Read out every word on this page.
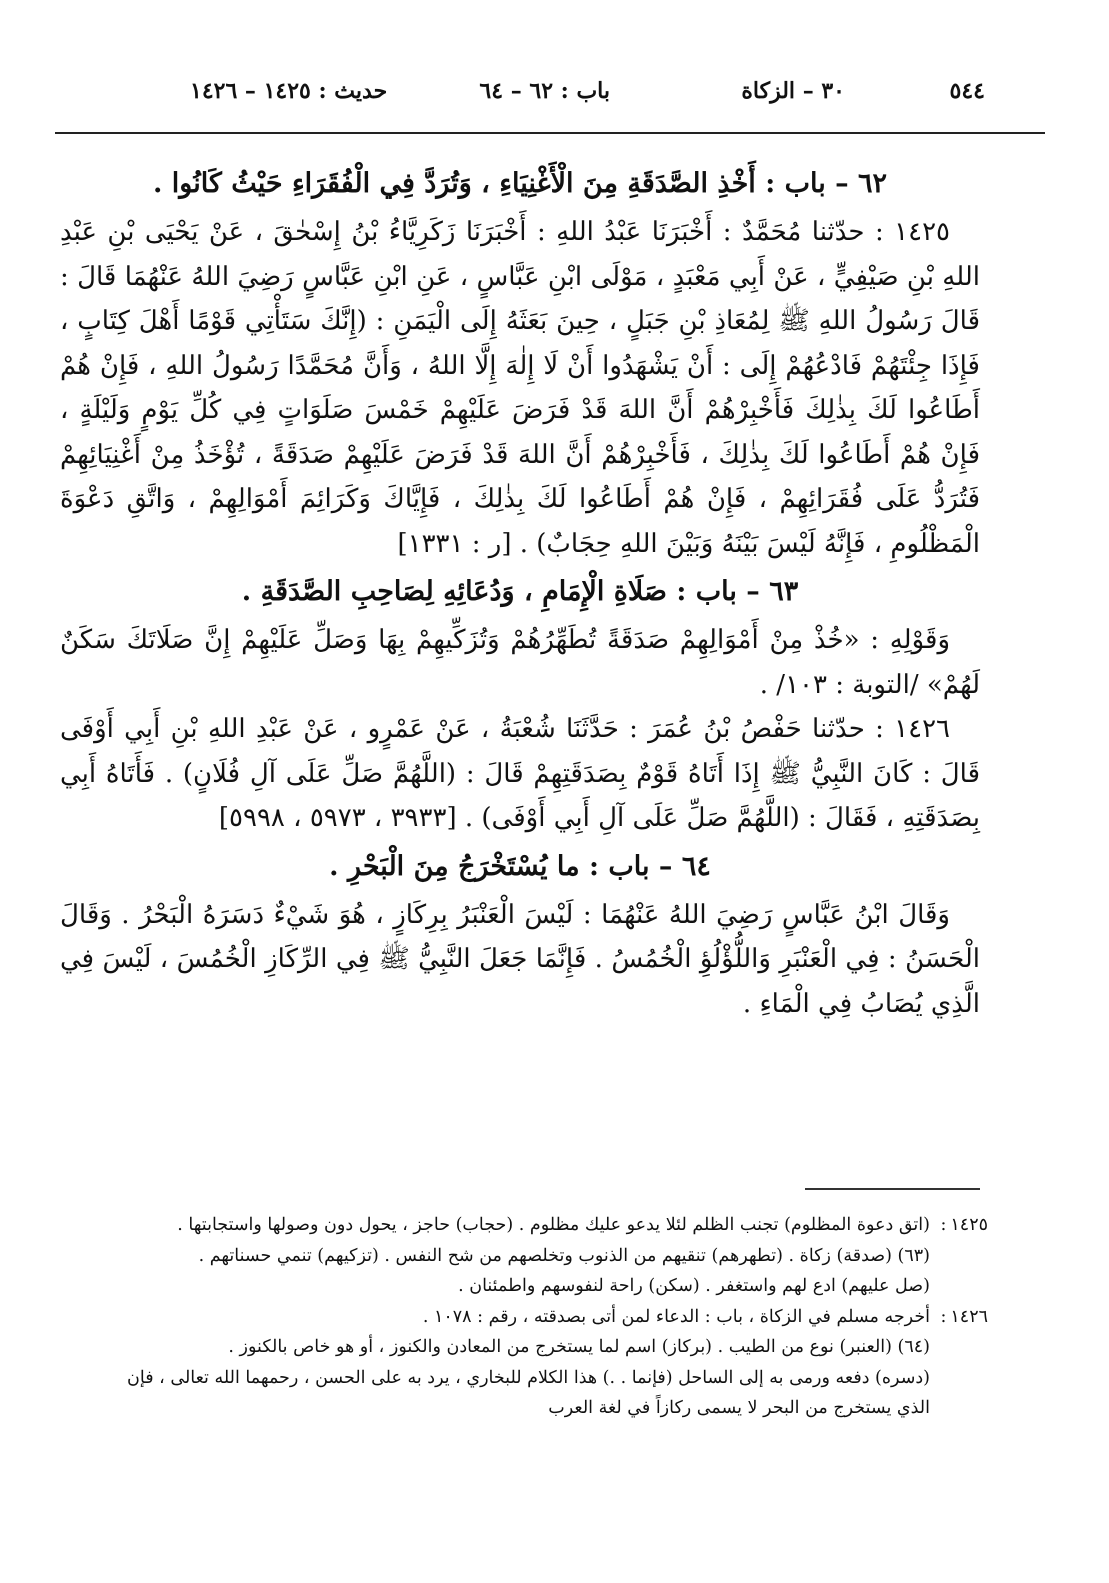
٥٤٤
٣٠ – الزكاة
باب : ٦٢ – ٦٤
حديث : ١٤٢٥ – ١٤٢٦

٦٢ – باب : أَخْذِ الصَّدَقَةِ مِنَ الْأَغْنِيَاءِ ، وَتُرَدَّ فِي الْفُقَرَاءِ حَيْثُ كَانُوا .

١٤٢٥ : حدّثنا مُحَمَّدٌ : أَخْبَرَنَا عَبْدُ اللهِ : أَخْبَرَنَا زَكَرِيَّاءُ بْنُ إِسْحٰقَ ، عَنْ يَحْيَى بْنِ عَبْدِ اللهِ بْنِ صَيْفِيٍّ ، عَنْ أَبِي مَعْبَدٍ ، مَوْلَى ابْنِ عَبَّاسٍ ، عَنِ ابْنِ عَبَّاسٍ رَضِيَ اللهُ عَنْهُمَا قَالَ : قَالَ رَسُولُ اللهِ ﷺ لِمُعَاذِ بْنِ جَبَلٍ ، حِينَ بَعَثَهُ إِلَى الْيَمَنِ : (إِنَّكَ سَتَأْتِي قَوْمًا أَهْلَ كِتَابٍ ، فَإِذَا جِئْتَهُمْ فَادْعُهُمْ إِلَى : أَنْ يَشْهَدُوا أَنْ لَا إِلٰهَ إِلَّا اللهُ ، وَأَنَّ مُحَمَّدًا رَسُولُ اللهِ ، فَإِنْ هُمْ أَطَاعُوا لَكَ بِذٰلِكَ فَأَخْبِرْهُمْ أَنَّ اللهَ قَدْ فَرَضَ عَلَيْهِمْ خَمْسَ صَلَوَاتٍ فِي كُلِّ يَوْمٍ وَلَيْلَةٍ ، فَإِنْ هُمْ أَطَاعُوا لَكَ بِذٰلِكَ ، فَأَخْبِرْهُمْ أَنَّ اللهَ قَدْ فَرَضَ عَلَيْهِمْ صَدَقَةً ، تُؤْخَذُ مِنْ أَغْنِيَائِهِمْ فَتُرَدُّ عَلَى فُقَرَائِهِمْ ، فَإِنْ هُمْ أَطَاعُوا لَكَ بِذٰلِكَ ، فَإِيَّاكَ وَكَرَائِمَ أَمْوَالِهِمْ ، وَاتَّقِ دَعْوَةَ الْمَظْلُومِ ، فَإِنَّهُ لَيْسَ بَيْنَهُ وَبَيْنَ اللهِ حِجَابٌ) . [ر : ١٣٣١]

٦٣ – باب : صَلَاةِ الْإِمَامِ ، وَدُعَائِهِ لِصَاحِبِ الصَّدَقَةِ .

وَقَوْلِهِ : «خُذْ مِنْ أَمْوَالِهِمْ صَدَقَةً تُطَهِّرُهُمْ وَتُزَكِّيهِمْ بِهَا وَصَلِّ عَلَيْهِمْ إِنَّ صَلَاتَكَ سَكَنٌ لَهُمْ» /التوبة : ١٠٣/ .

١٤٢٦ : حدّثنا حَفْصُ بْنُ عُمَرَ : حَدَّثَنَا شُعْبَةُ ، عَنْ عَمْرٍو ، عَنْ عَبْدِ اللهِ بْنِ أَبِي أَوْفَى قَالَ : كَانَ النَّبِيُّ ﷺ إِذَا أَتَاهُ قَوْمٌ بِصَدَقَتِهِمْ قَالَ : (اللَّهُمَّ صَلِّ عَلَى آلِ فُلَانٍ) . فَأَتَاهُ أَبِي بِصَدَقَتِهِ ، فَقَالَ : (اللَّهُمَّ صَلِّ عَلَى آلِ أَبِي أَوْفَى) . [٣٩٣٣ ، ٥٩٧٣ ، ٥٩٩٨]

٦٤ – باب : ما يُسْتَخْرَجُ مِنَ الْبَحْرِ .

وَقَالَ ابْنُ عَبَّاسٍ رَضِيَ اللهُ عَنْهُمَا : لَيْسَ الْعَنْبَرُ بِرِكَازٍ ، هُوَ شَيْءٌ دَسَرَهُ الْبَحْرُ . وَقَالَ الْحَسَنُ : فِي الْعَنْبَرِ وَاللُّؤْلُؤِ الْخُمُسُ . فَإِنَّمَا جَعَلَ النَّبِيُّ ﷺ فِي الرِّكَازِ الْخُمُسَ ، لَيْسَ فِي الَّذِي يُصَابُ فِي الْمَاءِ .

١٤٢٥:

(اتق دعوة المظلوم) تجنب الظلم لئلا يدعو عليك مظلوم . (حجاب) حاجز ، يحول دون وصولها واستجابتها .

(٦٣) (صدقة) زكاة . (تطهرهم) تنقيهم من الذنوب وتخلصهم من شح النفس . (تزكيهم) تنمي حسناتهم .

(صل عليهم) ادع لهم واستغفر . (سكن) راحة لنفوسهم واطمئنان .

١٤٢٦:

أخرجه مسلم في الزكاة ، باب : الدعاء لمن أتى بصدقته ، رقم : ١٠٧٨ .

(٦٤) (العنبر) نوع من الطيب . (بركاز) اسم لما يستخرج من المعادن والكنوز ، أو هو خاص بالكنوز .

(دسره) دفعه ورمى به إلى الساحل (فإنما . .) هذا الكلام للبخاري ، يرد به على الحسن ، رحمهما الله تعالى ، فإن

الذي يستخرج من البحر لا يسمى ركازاً في لغة العرب
